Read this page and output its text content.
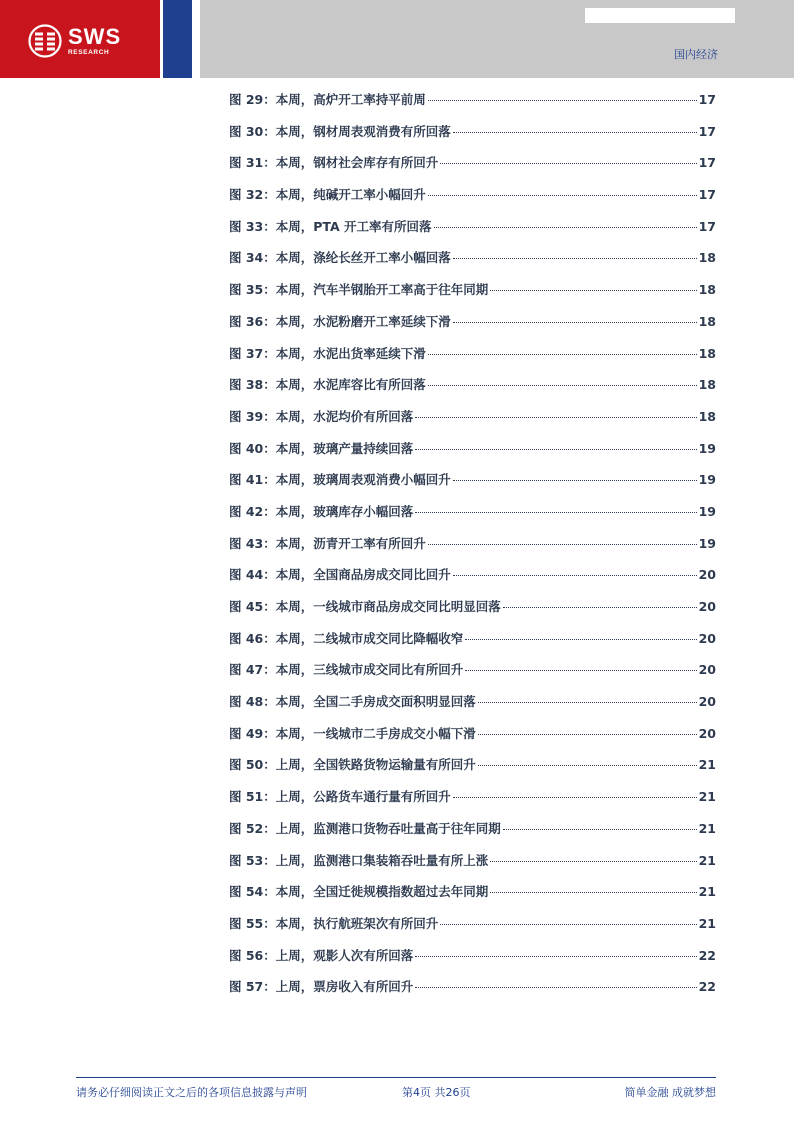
SWS
RESEARCH	国内经济
图 29：本周，高炉开工率持平前周	17
图 30：本周，钢材周表观消费有所回落	17
图 31：本周，钢材社会库存有所回升	17
图 32：本周，纯碱开工率小幅回升	17
图 33：本周，PTA 开工率有所回落	17
图 34：本周，涤纶长丝开工率小幅回落	18
图 35：本周，汽车半钢胎开工率高于往年同期	18
图 36：本周，水泥粉磨开工率延续下滑	18
图 37：本周，水泥出货率延续下滑	18
图 38：本周，水泥库容比有所回落	18
图 39：本周，水泥均价有所回落	18
图 40：本周，玻璃产量持续回落	19
图 41：本周，玻璃周表观消费小幅回升	19
图 42：本周，玻璃库存小幅回落	19
图 43：本周，沥青开工率有所回升	19
图 44：本周，全国商品房成交同比回升	20
图 45：本周，一线城市商品房成交同比明显回落	20
图 46：本周，二线城市成交同比降幅收窄	20
图 47：本周，三线城市成交同比有所回升	20
图 48：本周，全国二手房成交面积明显回落	20
图 49：本周，一线城市二手房成交小幅下滑	20
图 50：上周，全国铁路货物运输量有所回升	21
图 51：上周，公路货车通行量有所回升	21
图 52：上周，监测港口货物吞吐量高于往年同期	21
图 53：上周，监测港口集装箱吞吐量有所上涨	21
图 54：本周，全国迁徙规模指数超过去年同期	21
图 55：本周，执行航班架次有所回升	21
图 56：上周，观影人次有所回落	22
图 57：上周，票房收入有所回升	22
请务必仔细阅读正文之后的各项信息披露与声明	第4页 共26页	简单金融 成就梦想
